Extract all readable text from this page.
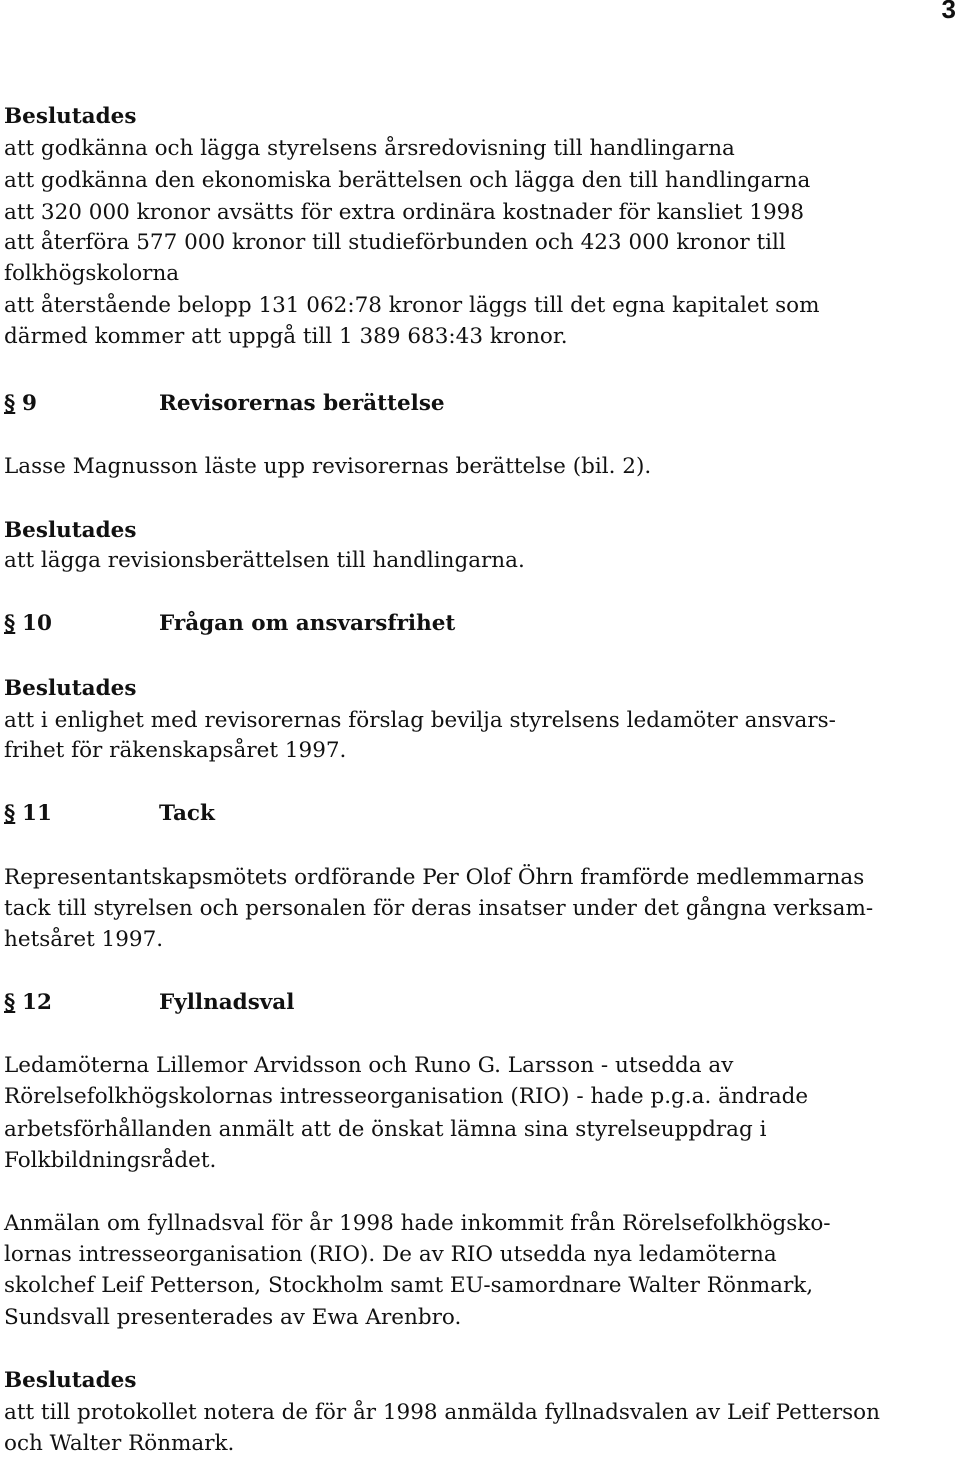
3
Beslutades
att godkänna och lägga styrelsens årsredovisning till handlingarna
att godkänna den ekonomiska berättelsen och lägga den till handlingarna
att 320 000 kronor avsätts för extra ordinära kostnader för kansliet 1998
att återföra 577 000 kronor till studieförbunden och 423 000 kronor till
folkhögskolorna
att återstående belopp 131 062:78 kronor läggs till det egna kapitalet som
därmed kommer att uppgå till 1 389 683:43 kronor.
§ 9	Revisorernas berättelse
Lasse Magnusson läste upp revisorernas berättelse (bil. 2).
Beslutades
att lägga revisionsberättelsen till handlingarna.
§ 10	Frågan om ansvarsfrihet
Beslutades
att i enlighet med revisorernas förslag bevilja styrelsens ledamöter ansvars-
frihet för räkenskapsåret 1997.
§ 11	Tack
Representantskapsmötets ordförande Per Olof Öhrn framförde medlemmarnas
tack till styrelsen och personalen för deras insatser under det gångna verksam-
hetsåret 1997.
§ 12	Fyllnadsval
Ledamöterna Lillemor Arvidsson och Runo G. Larsson - utsedda av
Rörelsefolkhögskolornas intresseorganisation (RIO) - hade p.g.a. ändrade
arbetsförhållanden anmält att de önskat lämna sina styrelseuppdrag i
Folkbildningsrådet.
Anmälan om fyllnadsval för år 1998 hade inkommit från Rörelsefolkhögsko-
lornas intresseorganisation (RIO). De av RIO utsedda nya ledamöterna
skolchef Leif Petterson, Stockholm samt EU-samordnare Walter Rönmark,
Sundsvall presenterades av Ewa Arenbro.
Beslutades
att till protokollet notera de för år 1998 anmälda fyllnadsvalen av Leif Petterson
och Walter Rönmark.
